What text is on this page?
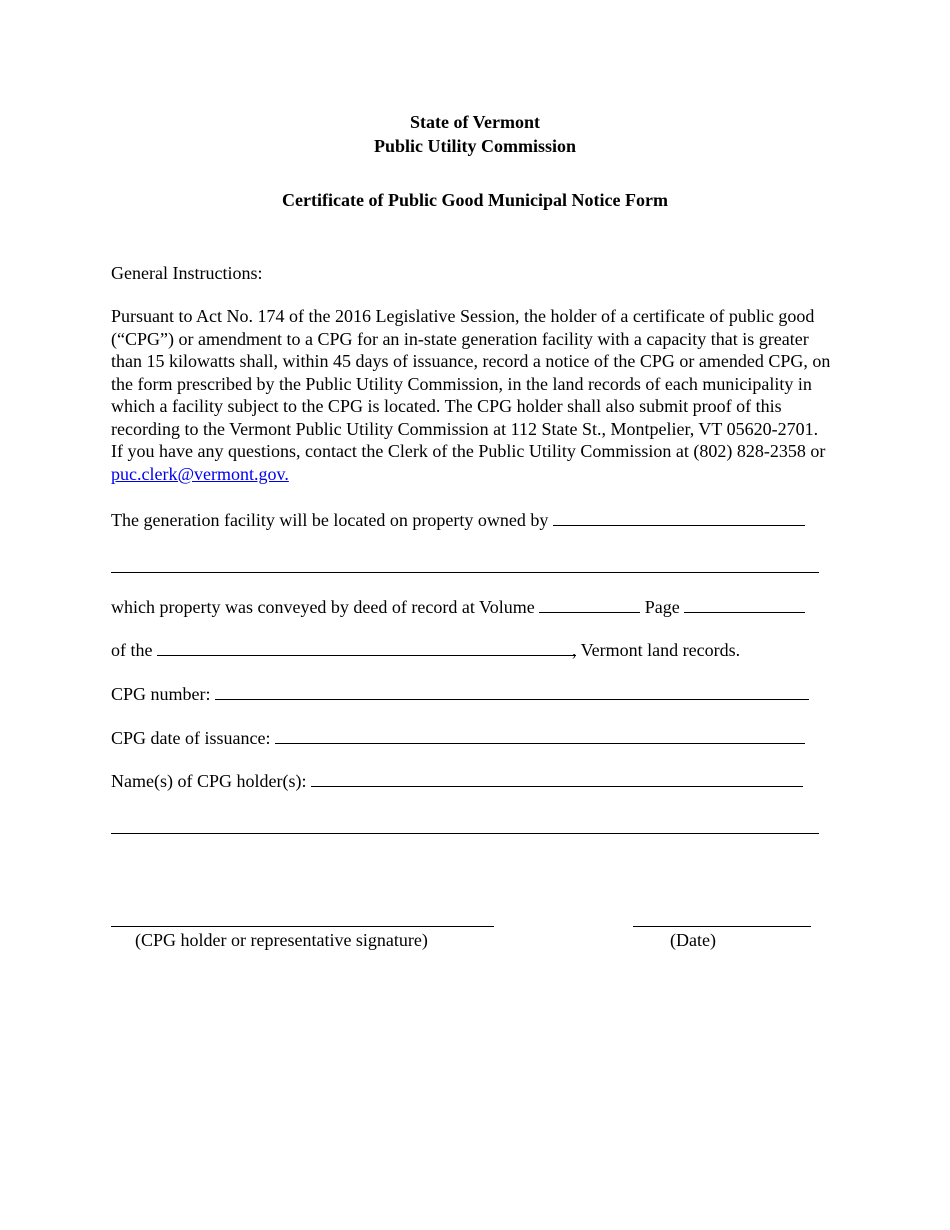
State of Vermont
Public Utility Commission
Certificate of Public Good Municipal Notice Form
General Instructions:
Pursuant to Act No. 174 of the 2016 Legislative Session, the holder of a certificate of public good (“CPG”) or amendment to a CPG for an in-state generation facility with a capacity that is greater than 15 kilowatts shall, within 45 days of issuance, record a notice of the CPG or amended CPG, on the form prescribed by the Public Utility Commission, in the land records of each municipality in which a facility subject to the CPG is located. The CPG holder shall also submit proof of this recording to the Vermont Public Utility Commission at 112 State St., Montpelier, VT 05620-2701. If you have any questions, contact the Clerk of the Public Utility Commission at (802) 828-2358 or puc.clerk@vermont.gov.
The generation facility will be located on property owned by
which property was conveyed by deed of record at Volume	Page
of the	, Vermont land records.
CPG number:
CPG date of issuance:
Name(s) of CPG holder(s):
(CPG holder or representative signature)	(Date)
